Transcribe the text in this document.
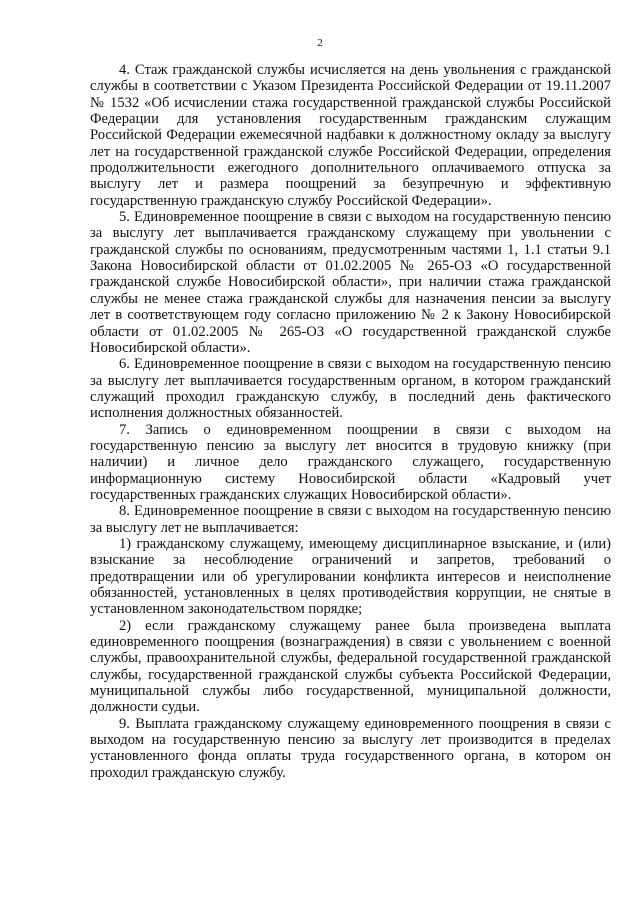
2

4. Стаж гражданской службы исчисляется на день увольнения с гражданской службы в соответствии с Указом Президента Российской Федерации от 19.11.2007 № 1532 «Об исчислении стажа государственной гражданской службы Российской Федерации для установления государственным гражданским служащим Российской Федерации ежемесячной надбавки к должностному окладу за выслугу лет на государственной гражданской службе Российской Федерации, определения продолжительности ежегодного дополнительного оплачиваемого отпуска за выслугу лет и размера поощрений за безупречную и эффективную государственную гражданскую службу Российской Федерации».

5. Единовременное поощрение в связи с выходом на государственную пенсию за выслугу лет выплачивается гражданскому служащему при увольнении с гражданской службы по основаниям, предусмотренным частями 1, 1.1 статьи 9.1 Закона Новосибирской области от 01.02.2005 № 265-ОЗ «О государственной гражданской службе Новосибирской области», при наличии стажа гражданской службы не менее стажа гражданской службы для назначения пенсии за выслугу лет в соответствующем году согласно приложению № 2 к Закону Новосибирской области от 01.02.2005 № 265-ОЗ «О государственной гражданской службе Новосибирской области».

6. Единовременное поощрение в связи с выходом на государственную пенсию за выслугу лет выплачивается государственным органом, в котором гражданский служащий проходил гражданскую службу, в последний день фактического исполнения должностных обязанностей.

7. Запись о единовременном поощрении в связи с выходом на государственную пенсию за выслугу лет вносится в трудовую книжку (при наличии) и личное дело гражданского служащего, государственную информационную систему Новосибирской области «Кадровый учет государственных гражданских служащих Новосибирской области».

8. Единовременное поощрение в связи с выходом на государственную пенсию за выслугу лет не выплачивается:

1) гражданскому служащему, имеющему дисциплинарное взыскание, и (или) взыскание за несоблюдение ограничений и запретов, требований о предотвращении или об урегулировании конфликта интересов и неисполнение обязанностей, установленных в целях противодействия коррупции, не снятые в установленном законодательством порядке;

2) если гражданскому служащему ранее была произведена выплата единовременного поощрения (вознаграждения) в связи с увольнением с военной службы, правоохранительной службы, федеральной государственной гражданской службы, государственной гражданской службы субъекта Российской Федерации, муниципальной службы либо государственной, муниципальной должности, должности судьи.

9. Выплата гражданскому служащему единовременного поощрения в связи с выходом на государственную пенсию за выслугу лет производится в пределах установленного фонда оплаты труда государственного органа, в котором он проходил гражданскую службу.
